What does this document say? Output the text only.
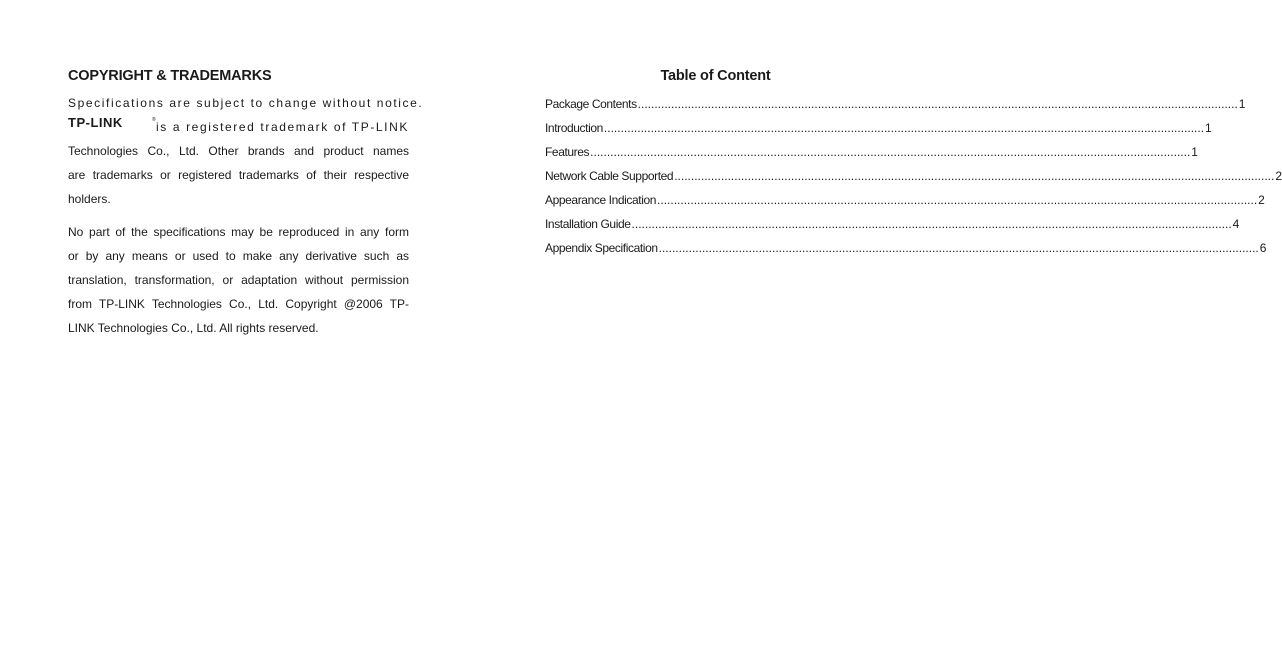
COPYRIGHT & TRADEMARKS

Specifications are subject to change without notice.
TP-LINK	®
is a registered trademark of TP-LINK
Technologies Co., Ltd. Other brands and product names
are trademarks or registered trademarks of their respective
holders.

No part of the specifications may be reproduced in any form
or by any means or used to make any derivative such as
translation, transformation, or adaptation without permission
from TP-LINK Technologies Co., Ltd. Copyright @2006 TP-
LINK Technologies Co., Ltd. All rights reserved.

Table of Content
Package Contents .....	1
Introduction .....	1
Features .....	1
Network Cable Supported .....	2
Appearance Indication .....	2
Installation Guide .....	4
Appendix Specification .....	6
